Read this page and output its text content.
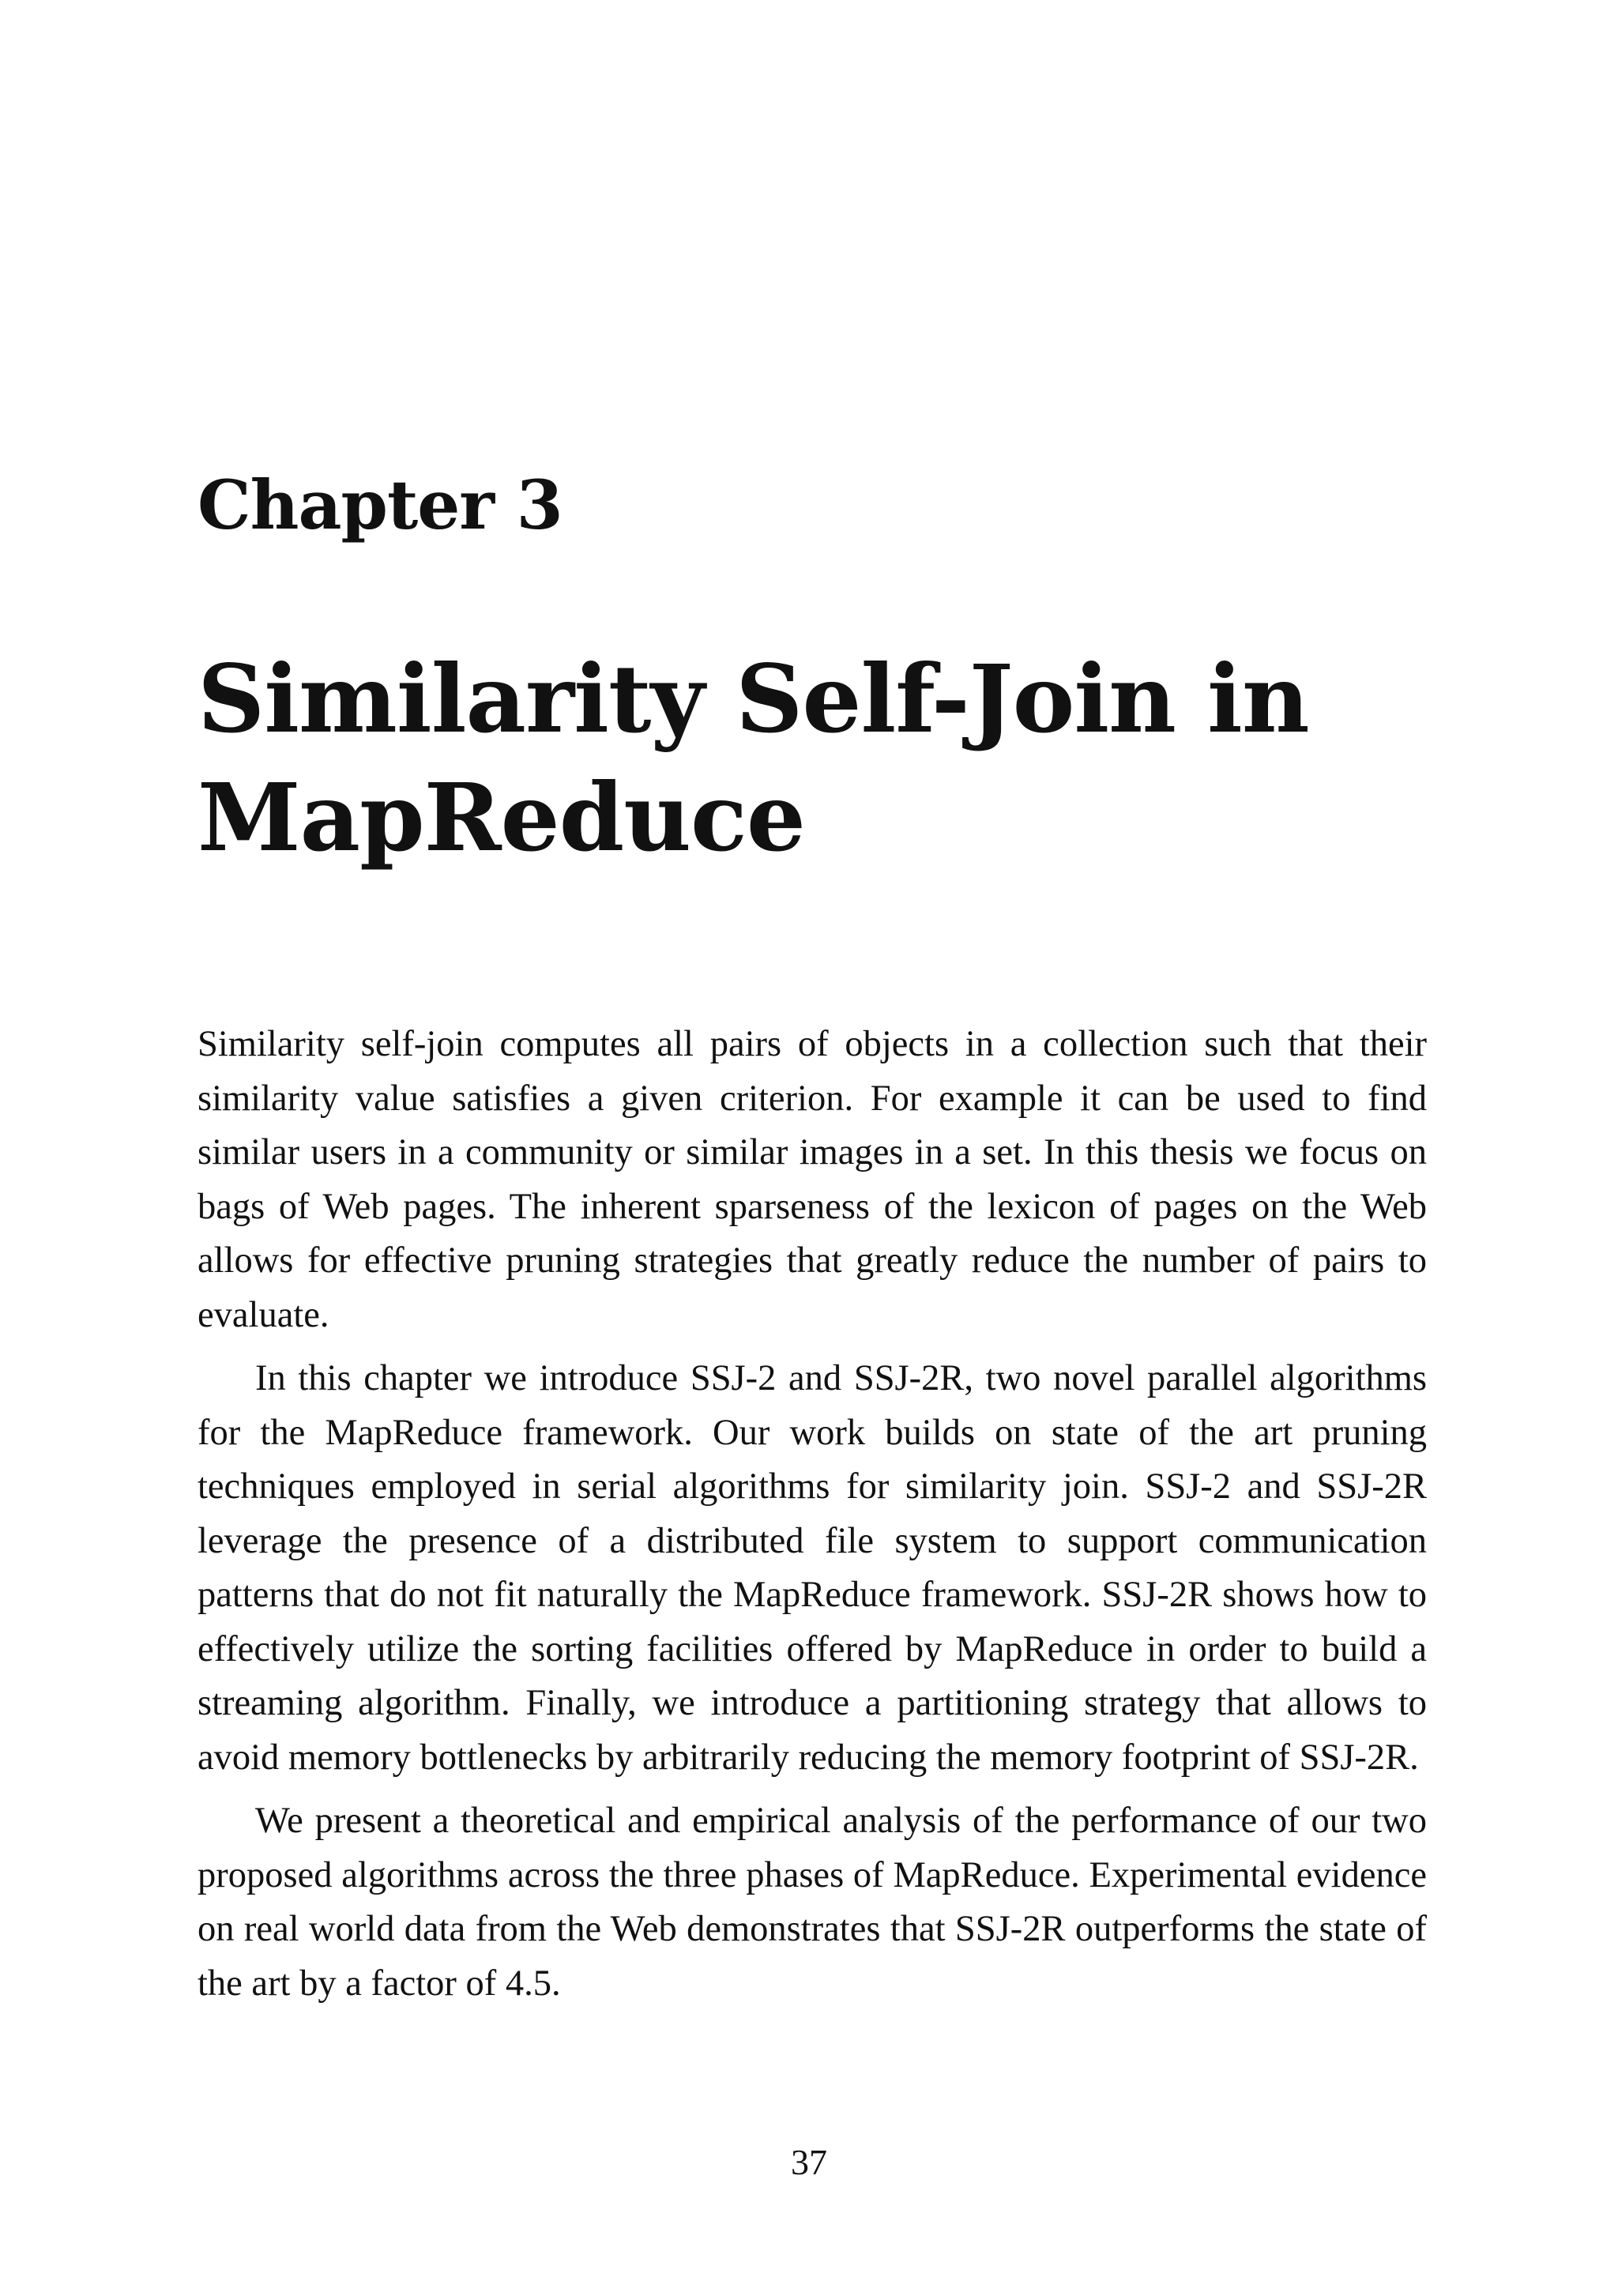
Chapter 3
Similarity Self-Join in MapReduce

Similarity self-join computes all pairs of objects in a collection such that their similarity value satisfies a given criterion. For example it can be used to find similar users in a community or similar images in a set. In this thesis we focus on bags of Web pages. The inherent sparseness of the lexicon of pages on the Web allows for effective pruning strategies that greatly reduce the number of pairs to evaluate.

In this chapter we introduce SSJ-2 and SSJ-2R, two novel parallel algorithms for the MapReduce framework. Our work builds on state of the art pruning techniques employed in serial algorithms for similarity join. SSJ-2 and SSJ-2R leverage the presence of a distributed file system to support communication patterns that do not fit naturally the MapReduce framework. SSJ-2R shows how to effectively utilize the sorting facilities offered by MapReduce in order to build a streaming algorithm. Finally, we introduce a partitioning strategy that allows to avoid memory bottlenecks by arbitrarily reducing the memory footprint of SSJ-2R.

We present a theoretical and empirical analysis of the performance of our two proposed algorithms across the three phases of MapReduce. Experimental evidence on real world data from the Web demonstrates that SSJ-2R outperforms the state of the art by a factor of 4.5.

37
